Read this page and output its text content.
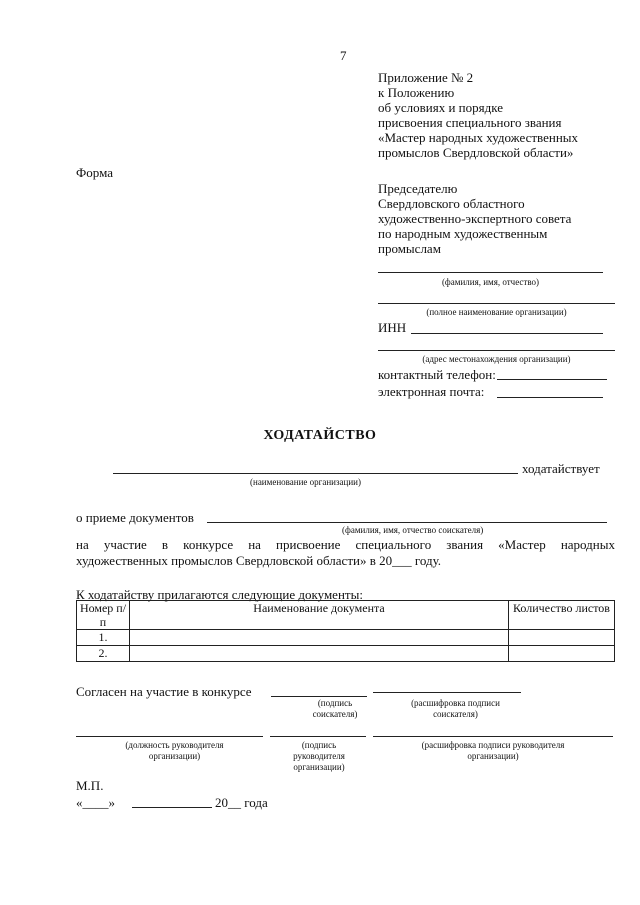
7
Приложение № 2
к Положению
об условиях и порядке
присвоения специального звания
«Мастер народных художественных
промыслов Свердловской области»
Форма
Председателю
Свердловского областного
художественно-экспертного совета
по народным художественным
промыслам
(фамилия, имя, отчество)
(полное наименование организации)
ИНН
(адрес местонахождения организации)
контактный телефон:
электронная почта:
ХОДАТАЙСТВО
ходатайствует
(наименование организации)
о приеме документов
(фамилия, имя, отчество соискателя)
на участие в конкурсе на присвоение специального звания «Мастер народных
художественных промыслов Свердловской области» в 20___ году.
К ходатайству прилагаются следующие документы:
Номер п/п	Наименование документа	Количество листов
1.		
2.		
Согласен на участие в конкурсе
(подпись соискателя)
(расшифровка подписи соискателя)
(должность руководителя организации)
(подпись руководителя организации)
(расшифровка подписи руководителя организации)
М.П.
«____»	20__ года
